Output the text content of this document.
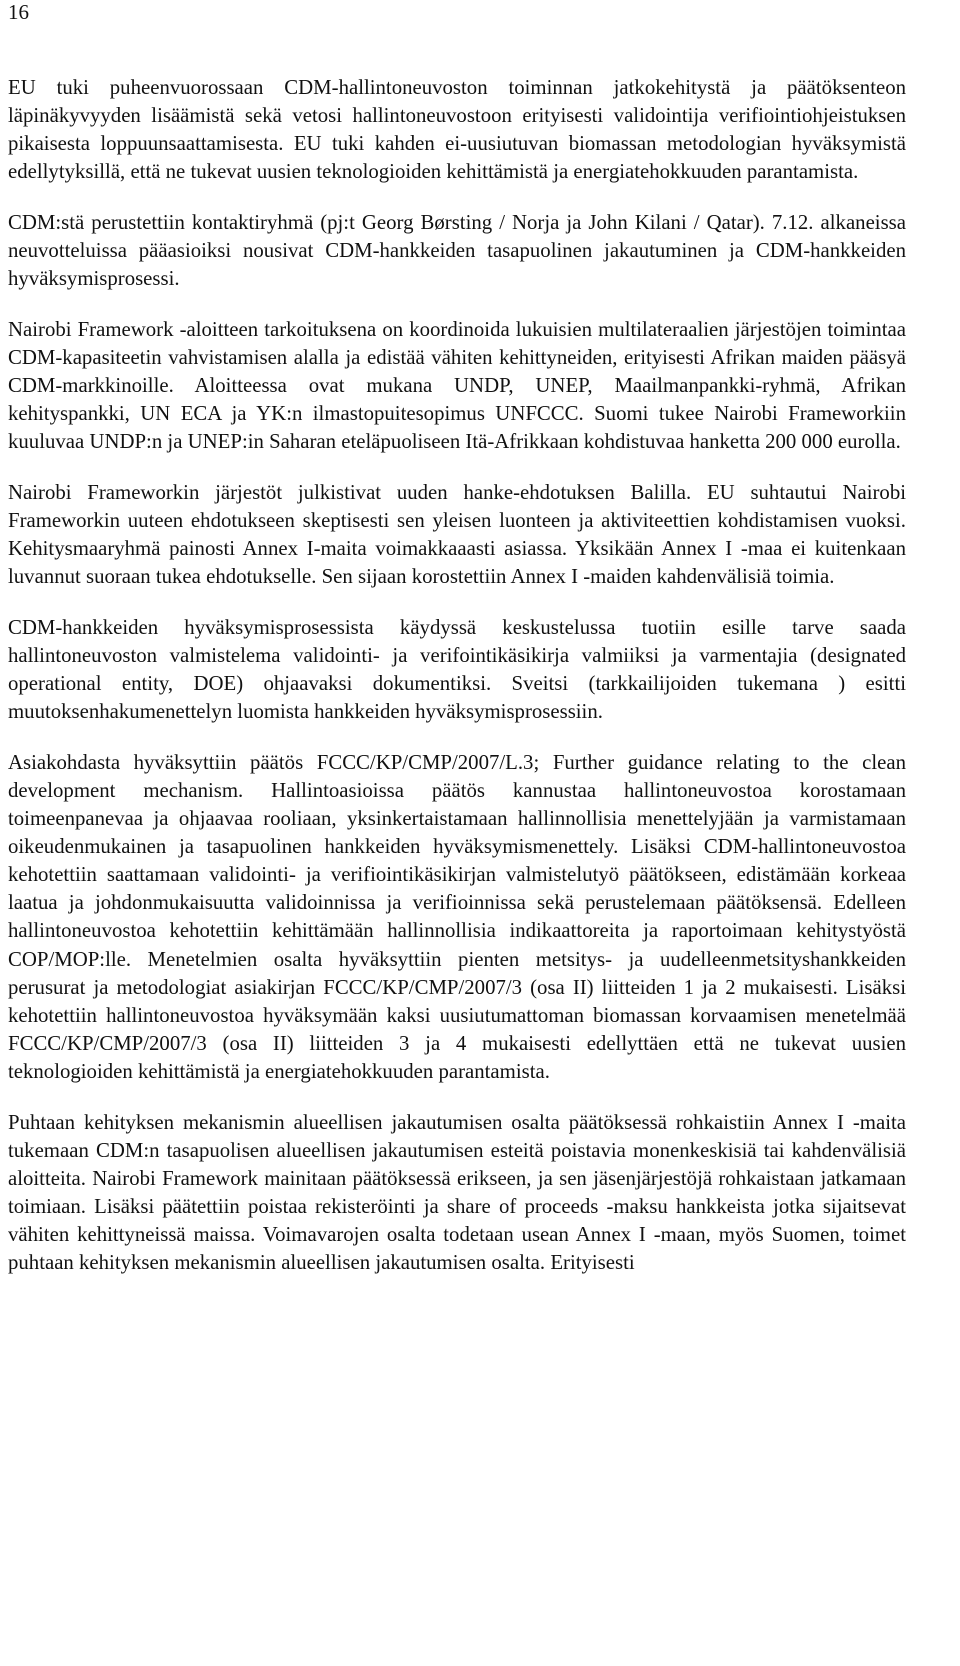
16

EU tuki puheenvuorossaan CDM-hallintoneuvoston toiminnan jatkokehitystä ja päätöksenteon läpinäkyvyyden lisäämistä sekä vetosi hallintoneuvostoon erityisesti validointija verifiointiohjeistuksen pikaisesta loppuunsaattamisesta. EU tuki kahden ei-uusiutuvan biomassan metodologian hyväksymistä edellytyksillä, että ne tukevat uusien teknologioiden kehittämistä ja energiatehokkuuden parantamista.

CDM:stä perustettiin kontaktiryhmä (pj:t Georg Børsting / Norja ja John Kilani / Qatar). 7.12. alkaneissa neuvotteluissa pääasioiksi nousivat CDM-hankkeiden tasapuolinen jakautuminen ja CDM-hankkeiden hyväksymisprosessi.

Nairobi Framework -aloitteen tarkoituksena on koordinoida lukuisien multilateraalien järjestöjen toimintaa CDM-kapasiteetin vahvistamisen alalla ja edistää vähiten kehittyneiden, erityisesti Afrikan maiden pääsyä CDM-markkinoille. Aloitteessa ovat mukana UNDP, UNEP, Maailmanpankki-ryhmä, Afrikan kehityspankki, UN ECA ja YK:n ilmastopuitesopimus UNFCCC. Suomi tukee Nairobi Frameworkiin kuuluvaa UNDP:n ja UNEP:in Saharan eteläpuoliseen Itä-Afrikkaan kohdistuvaa hanketta 200 000 eurolla.

Nairobi Frameworkin järjestöt julkistivat uuden hanke-ehdotuksen Balilla. EU suhtautui Nairobi Frameworkin uuteen ehdotukseen skeptisesti sen yleisen luonteen ja aktiviteettien kohdistamisen vuoksi. Kehitysmaaryhmä painosti Annex I-maita voimakkaaasti asiassa. Yksikään Annex I -maa ei kuitenkaan luvannut suoraan tukea ehdotukselle. Sen sijaan korostettiin Annex I -maiden kahdenvälisiä toimia.

CDM-hankkeiden hyväksymisprosessista käydyssä keskustelussa tuotiin esille tarve saada hallintoneuvoston valmistelema validointi- ja verifointikäsikirja valmiiksi ja varmentajia (designated operational entity, DOE) ohjaavaksi dokumentiksi. Sveitsi (tarkkailijoiden tukemana ) esitti muutoksenhakumenettelyn luomista hankkeiden hyväksymisprosessiin.

Asiakohdasta hyväksyttiin päätös FCCC/KP/CMP/2007/L.3; Further guidance relating to the clean development mechanism. Hallintoasioissa päätös kannustaa hallintoneuvostoa korostamaan toimeenpanevaa ja ohjaavaa rooliaan, yksinkertaistamaan hallinnollisia menettelyjään ja varmistamaan oikeudenmukainen ja tasapuolinen hankkeiden hyväksymismenettely. Lisäksi CDM-hallintoneuvostoa kehotettiin saattamaan validointi- ja verifiointikäsikirjan valmistelutyö päätökseen, edistämään korkeaa laatua ja johdonmukaisuutta validoinnissa ja verifioinnissa sekä perustelemaan päätöksensä. Edelleen hallintoneuvostoa kehotettiin kehittämään hallinnollisia indikaattoreita ja raportoimaan kehitystyöstä COP/MOP:lle. Menetelmien osalta hyväksyttiin pienten metsitys- ja uudelleenmetsityshankkeiden perusurat ja metodologiat asiakirjan FCCC/KP/CMP/2007/3 (osa II) liitteiden 1 ja 2 mukaisesti. Lisäksi kehotettiin hallintoneuvostoa hyväksymään kaksi uusiutumattoman biomassan korvaamisen menetelmää FCCC/KP/CMP/2007/3 (osa II) liitteiden 3 ja 4 mukaisesti edellyttäen että ne tukevat uusien teknologioiden kehittämistä ja energiatehokkuuden parantamista.

Puhtaan kehityksen mekanismin alueellisen jakautumisen osalta päätöksessä rohkaistiin Annex I -maita tukemaan CDM:n tasapuolisen alueellisen jakautumisen esteitä poistavia monenkeskisiä tai kahdenvälisiä aloitteita. Nairobi Framework mainitaan päätöksessä erikseen, ja sen jäsenjärjestöjä rohkaistaan jatkamaan toimiaan. Lisäksi päätettiin poistaa rekisteröinti ja share of proceeds -maksu hankkeista jotka sijaitsevat vähiten kehittyneissä maissa. Voimavarojen osalta todetaan usean Annex I -maan, myös Suomen, toimet puhtaan kehityksen mekanismin alueellisen jakautumisen osalta. Erityisesti
